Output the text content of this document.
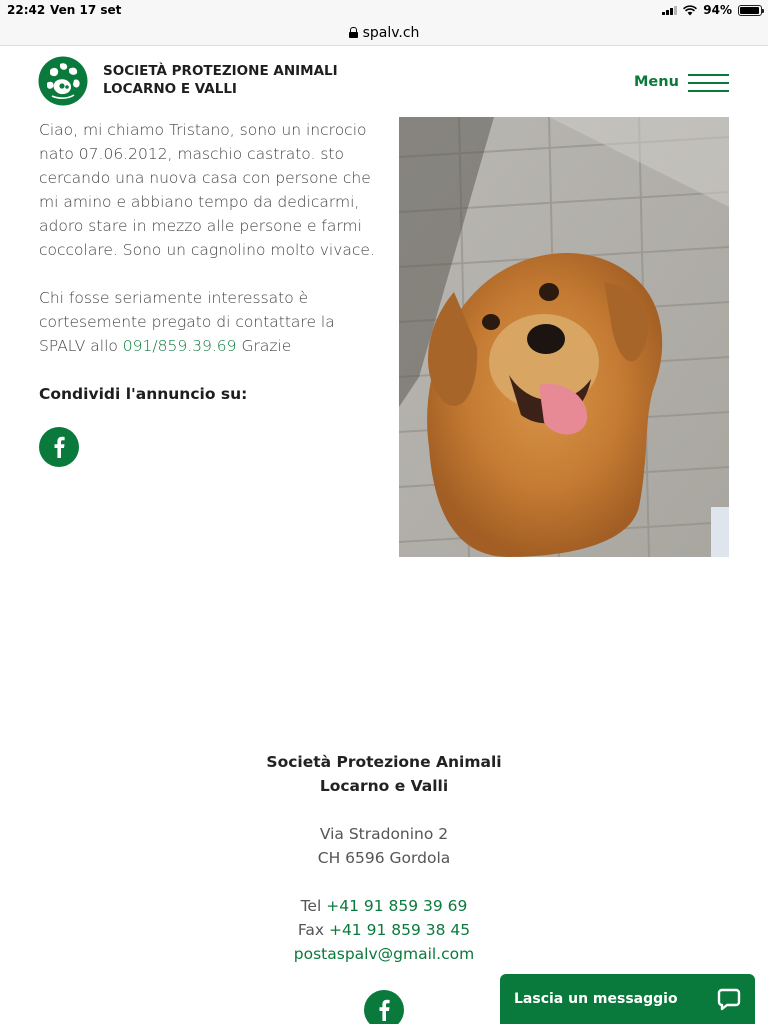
22:42 Ven 17 set	94%
spalv.ch
SOCIETÀ PROTEZIONE ANIMALI
LOCARNO E VALLI	Menu

Ciao, mi chiamo Tristano, sono un incrocio nato 07.06.2012, maschio castrato. sto cercando una nuova casa con persone che mi amino e abbiano tempo da dedicarmi, adoro stare in mezzo alle persone e farmi coccolare. Sono un cagnolino molto vivace.

Chi fosse seriamente interessato è cortesemente pregato di contattare la SPALV allo 091/859.39.69 Grazie

Condividi l'annuncio su:
Società Protezione Animali
Locarno e Valli
Via Stradonino 2
CH 6596 Gordola
Tel +41 91 859 39 69
Fax +41 91 859 38 45
postaspalv@gmail.com
Lascia un messaggio
